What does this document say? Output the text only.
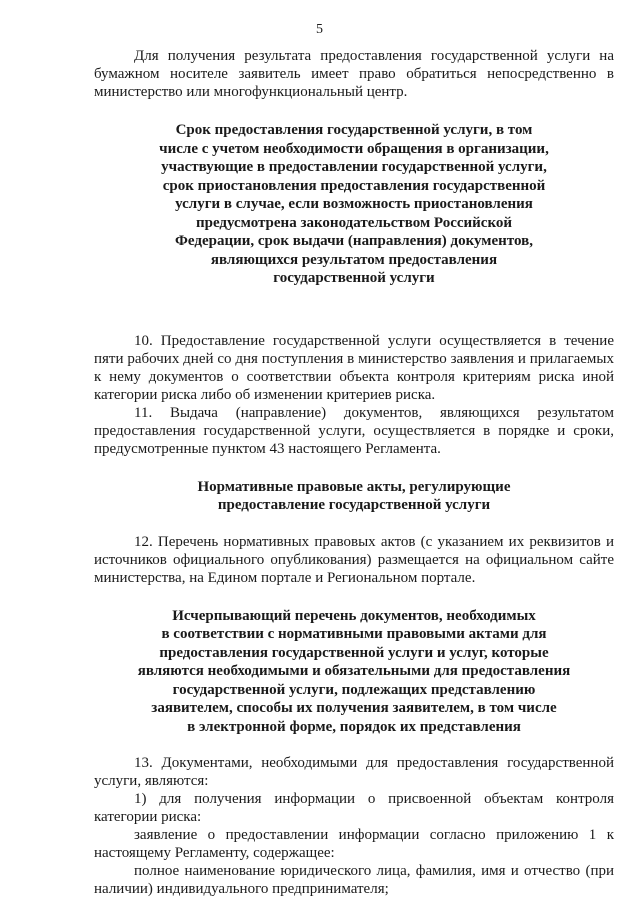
5

Для получения результата предоставления государственной услуги на бумажном носителе заявитель имеет право обратиться непосредственно в министерство или многофункциональный центр.

Срок предоставления государственной услуги, в том
числе с учетом необходимости обращения в организации,
участвующие в предоставлении государственной услуги,
срок приостановления предоставления государственной
услуги в случае, если возможность приостановления
предусмотрена законодательством Российской
Федерации, срок выдачи (направления) документов,
являющихся результатом предоставления
государственной услуги

10. Предоставление государственной услуги осуществляется в течение пяти рабочих дней со дня поступления в министерство заявления и прилагаемых к нему документов о соответствии объекта контроля критериям риска иной категории риска либо об изменении критериев риска.

11. Выдача (направление) документов, являющихся результатом предоставления государственной услуги, осуществляется в порядке и сроки, предусмотренные пунктом 43 настоящего Регламента.

Нормативные правовые акты, регулирующие
предоставление государственной услуги

12. Перечень нормативных правовых актов (с указанием их реквизитов и источников официального опубликования) размещается на официальном сайте министерства, на Едином портале и Региональном портале.

Исчерпывающий перечень документов, необходимых
в соответствии с нормативными правовыми актами для
предоставления государственной услуги и услуг, которые
являются необходимыми и обязательными для предоставления
государственной услуги, подлежащих представлению
заявителем, способы их получения заявителем, в том числе
в электронной форме, порядок их представления

13. Документами, необходимыми для предоставления государственной услуги, являются:

1) для получения информации о присвоенной объектам контроля категории риска:

заявление о предоставлении информации согласно приложению 1 к настоящему Регламенту, содержащее:

полное наименование юридического лица, фамилия, имя и отчество (при наличии) индивидуального предпринимателя;
